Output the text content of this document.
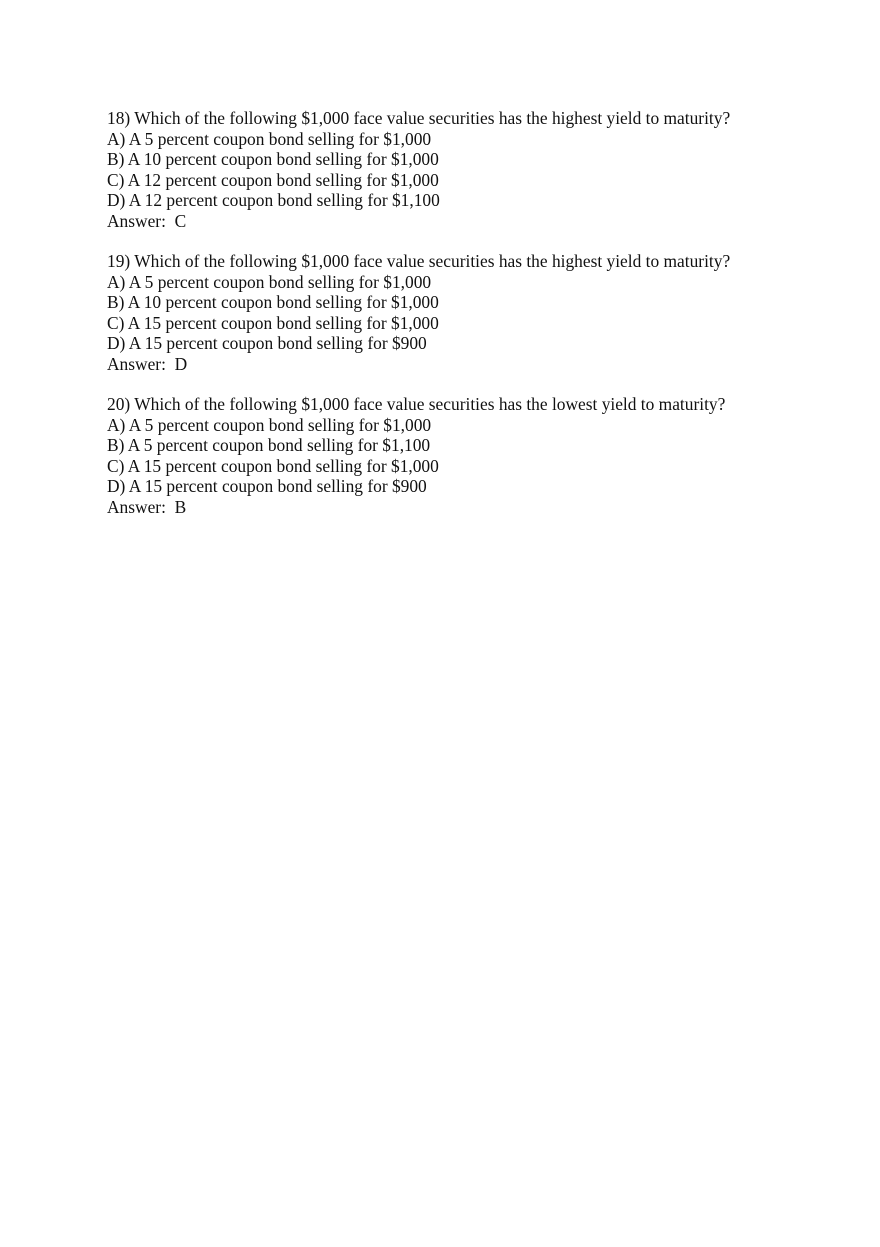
18) Which of the following $1,000 face value securities has the highest yield to maturity?
A) A 5 percent coupon bond selling for $1,000
B) A 10 percent coupon bond selling for $1,000
C) A 12 percent coupon bond selling for $1,000
D) A 12 percent coupon bond selling for $1,100
Answer:  C
19) Which of the following $1,000 face value securities has the highest yield to maturity?
A) A 5 percent coupon bond selling for $1,000
B) A 10 percent coupon bond selling for $1,000
C) A 15 percent coupon bond selling for $1,000
D) A 15 percent coupon bond selling for $900
Answer:  D
20) Which of the following $1,000 face value securities has the lowest yield to maturity?
A) A 5 percent coupon bond selling for $1,000
B) A 5 percent coupon bond selling for $1,100
C) A 15 percent coupon bond selling for $1,000
D) A 15 percent coupon bond selling for $900
Answer:  B
